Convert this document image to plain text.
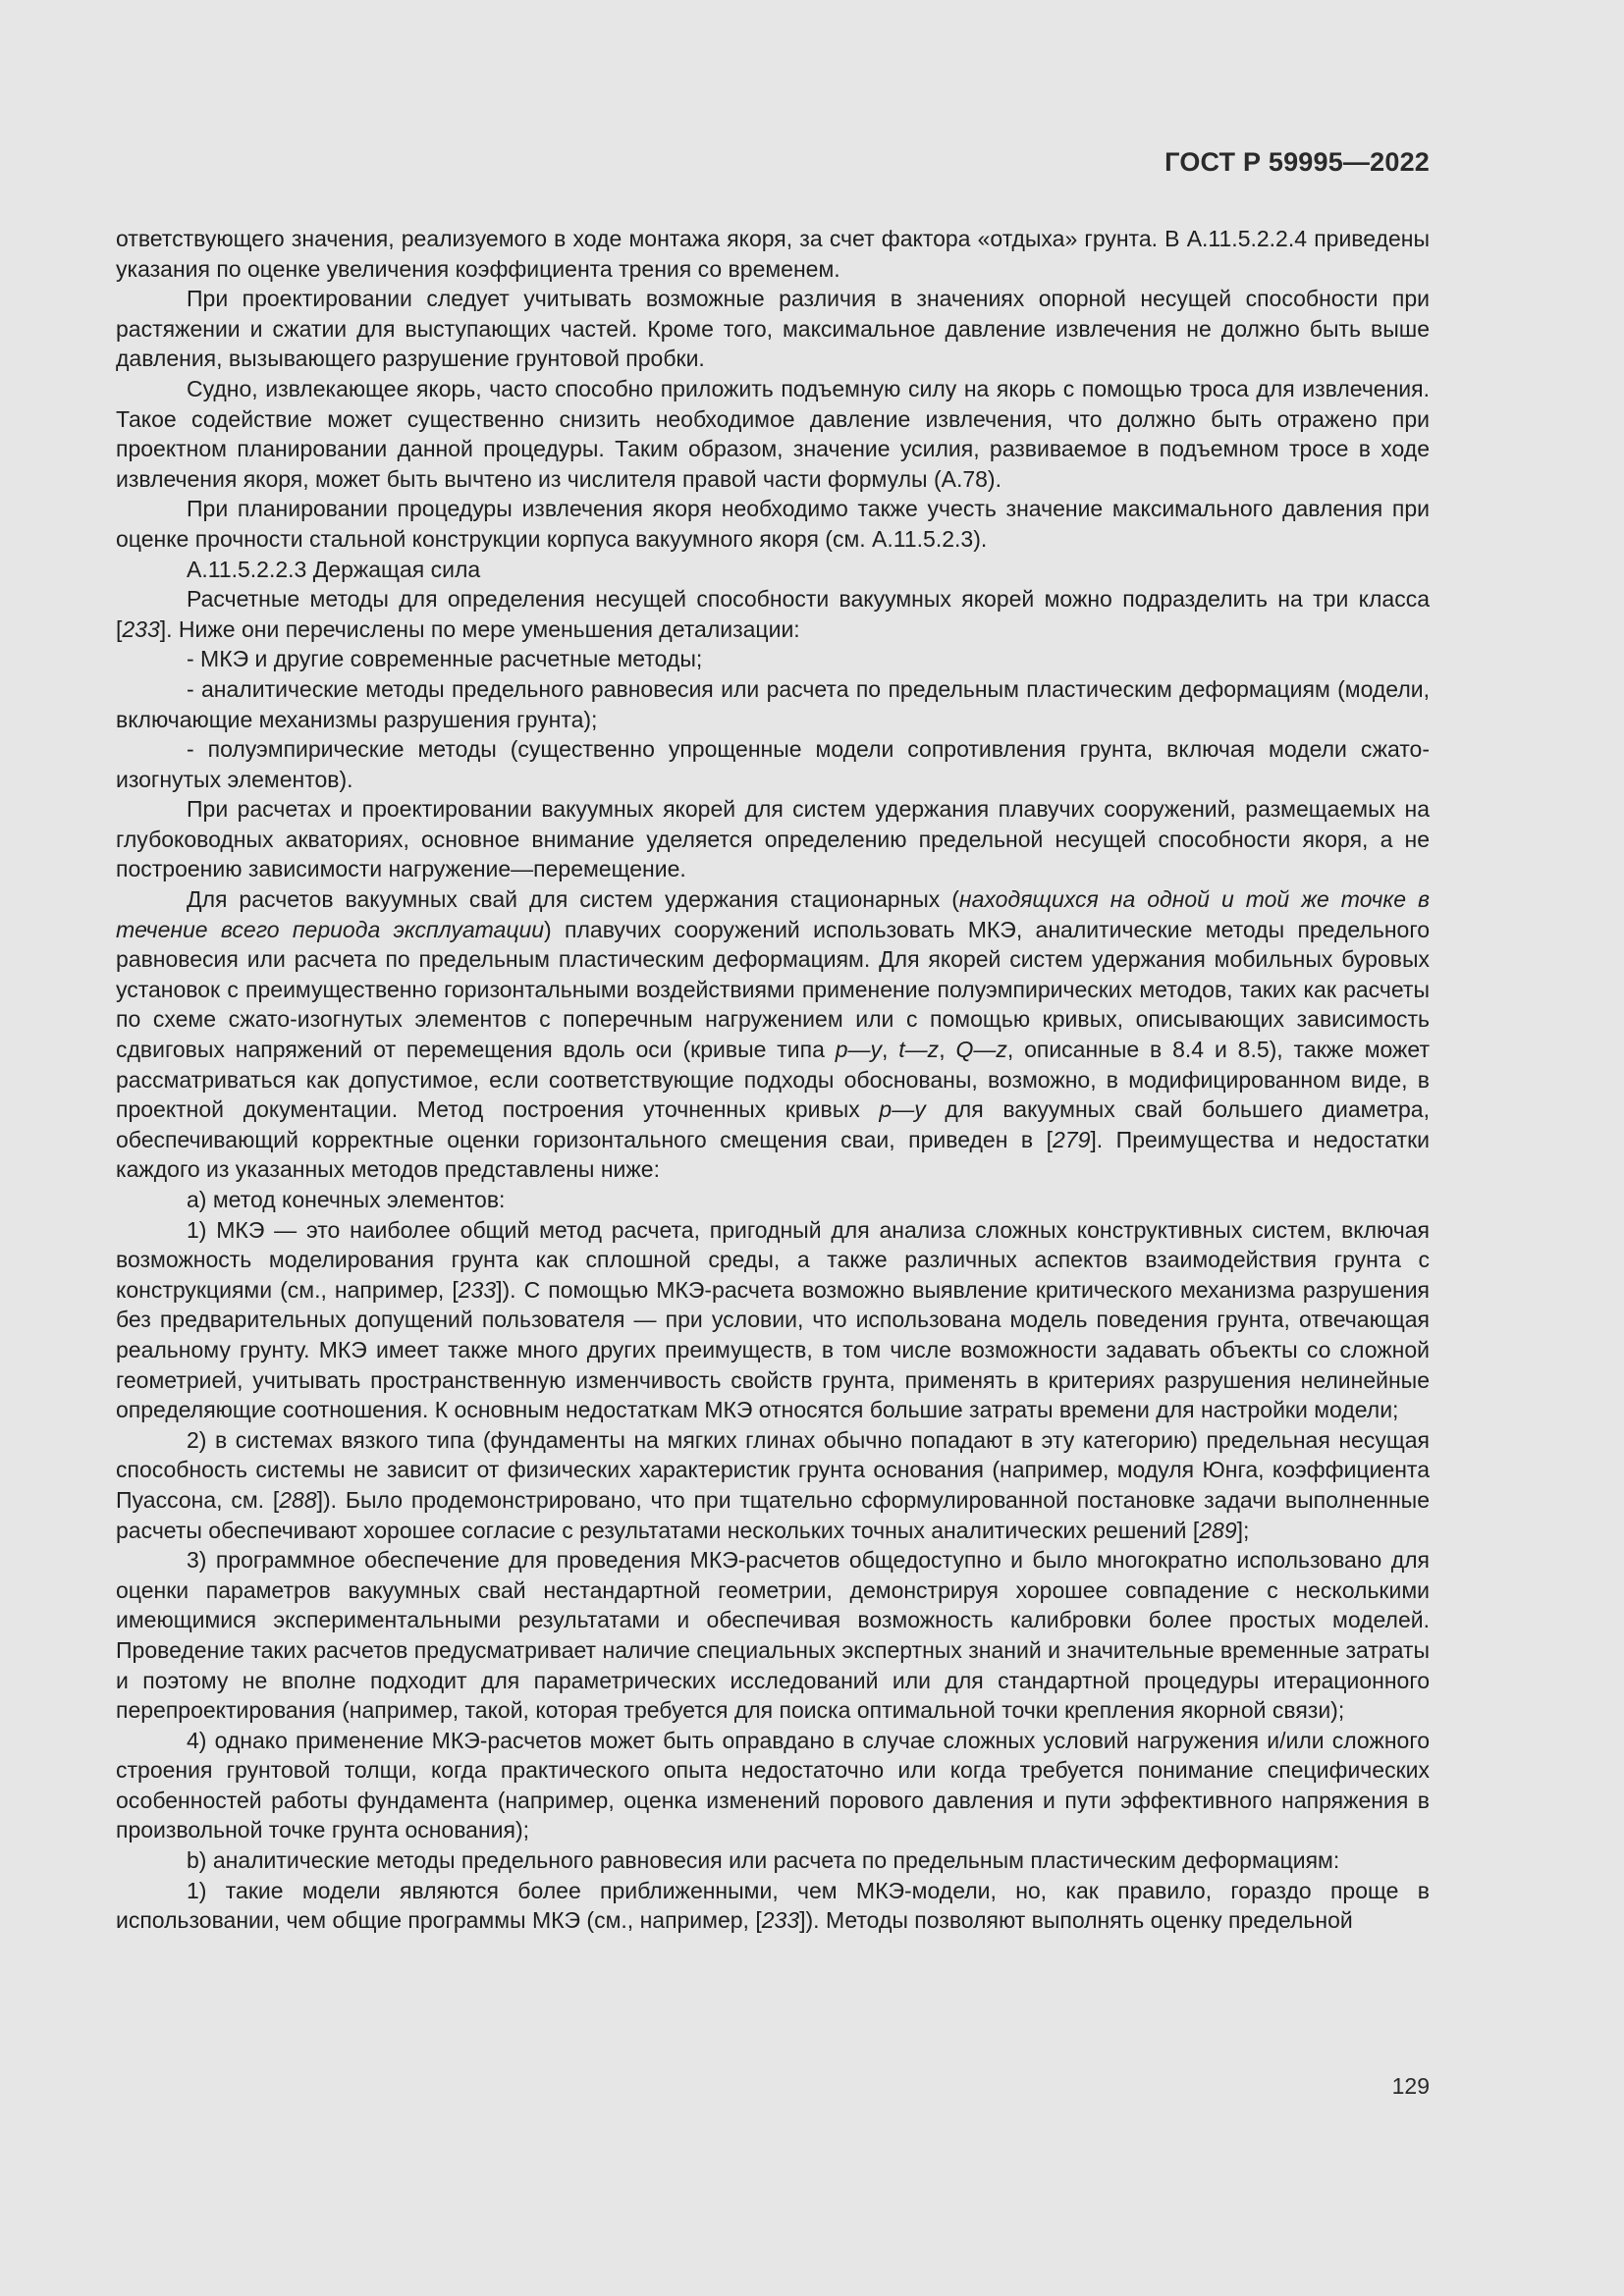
ГОСТ Р 59995—2022

ответствующего значения, реализуемого в ходе монтажа якоря, за счет фактора «отдыха» грунта. В А.11.5.2.2.4 приведены указания по оценке увеличения коэффициента трения со временем.

При проектировании следует учитывать возможные различия в значениях опорной несущей способности при растяжении и сжатии для выступающих частей. Кроме того, максимальное давление извлечения не должно быть выше давления, вызывающего разрушение грунтовой пробки.

Судно, извлекающее якорь, часто способно приложить подъемную силу на якорь с помощью троса для извлечения. Такое содействие может существенно снизить необходимое давление извлечения, что должно быть отражено при проектном планировании данной процедуры. Таким образом, значение усилия, развиваемое в подъемном тросе в ходе извлечения якоря, может быть вычтено из числителя правой части формулы (А.78).

При планировании процедуры извлечения якоря необходимо также учесть значение максимального давления при оценке прочности стальной конструкции корпуса вакуумного якоря (см. А.11.5.2.3).

А.11.5.2.2.3 Держащая сила

Расчетные методы для определения несущей способности вакуумных якорей можно подразделить на три класса [233]. Ниже они перечислены по мере уменьшения детализации:

- МКЭ и другие современные расчетные методы;

- аналитические методы предельного равновесия или расчета по предельным пластическим деформациям (модели, включающие механизмы разрушения грунта);

- полуэмпирические методы (существенно упрощенные модели сопротивления грунта, включая модели сжато-изогнутых элементов).

При расчетах и проектировании вакуумных якорей для систем удержания плавучих сооружений, размещаемых на глубоководных акваториях, основное внимание уделяется определению предельной несущей способности якоря, а не построению зависимости нагружение—перемещение.

Для расчетов вакуумных свай для систем удержания стационарных (находящихся на одной и той же точке в течение всего периода эксплуатации) плавучих сооружений использовать МКЭ, аналитические методы предельного равновесия или расчета по предельным пластическим деформациям. Для якорей систем удержания мобильных буровых установок с преимущественно горизонтальными воздействиями применение полуэмпирических методов, таких как расчеты по схеме сжато-изогнутых элементов с поперечным нагружением или с помощью кривых, описывающих зависимость сдвиговых напряжений от перемещения вдоль оси (кривые типа p—y, t—z, Q—z, описанные в 8.4 и 8.5), также может рассматриваться как допустимое, если соответствующие подходы обоснованы, возможно, в модифицированном виде, в проектной документации. Метод построения уточненных кривых p—y для вакуумных свай большего диаметра, обеспечивающий корректные оценки горизонтального смещения сваи, приведен в [279]. Преимущества и недостатки каждого из указанных методов представлены ниже:

a) метод конечных элементов:

1) МКЭ — это наиболее общий метод расчета, пригодный для анализа сложных конструктивных систем, включая возможность моделирования грунта как сплошной среды, а также различных аспектов взаимодействия грунта с конструкциями (см., например, [233]). С помощью МКЭ-расчета возможно выявление критического механизма разрушения без предварительных допущений пользователя — при условии, что использована модель поведения грунта, отвечающая реальному грунту. МКЭ имеет также много других преимуществ, в том числе возможности задавать объекты со сложной геометрией, учитывать пространственную изменчивость свойств грунта, применять в критериях разрушения нелинейные определяющие соотношения. К основным недостаткам МКЭ относятся большие затраты времени для настройки модели;

2) в системах вязкого типа (фундаменты на мягких глинах обычно попадают в эту категорию) предельная несущая способность системы не зависит от физических характеристик грунта основания (например, модуля Юнга, коэффициента Пуассона, см. [288]). Было продемонстрировано, что при тщательно сформулированной постановке задачи выполненные расчеты обеспечивают хорошее согласие с результатами нескольких точных аналитических решений [289];

3) программное обеспечение для проведения МКЭ-расчетов общедоступно и было многократно использовано для оценки параметров вакуумных свай нестандартной геометрии, демонстрируя хорошее совпадение с несколькими имеющимися экспериментальными результатами и обеспечивая возможность калибровки более простых моделей. Проведение таких расчетов предусматривает наличие специальных экспертных знаний и значительные временные затраты и поэтому не вполне подходит для параметрических исследований или для стандартной процедуры итерационного перепроектирования (например, такой, которая требуется для поиска оптимальной точки крепления якорной связи);

4) однако применение МКЭ-расчетов может быть оправдано в случае сложных условий нагружения и/или сложного строения грунтовой толщи, когда практического опыта недостаточно или когда требуется понимание специфических особенностей работы фундамента (например, оценка изменений порового давления и пути эффективного напряжения в произвольной точке грунта основания);

b) аналитические методы предельного равновесия или расчета по предельным пластическим деформациям:

1) такие модели являются более приближенными, чем МКЭ-модели, но, как правило, гораздо проще в использовании, чем общие программы МКЭ (см., например, [233]). Методы позволяют выполнять оценку предельной

129
